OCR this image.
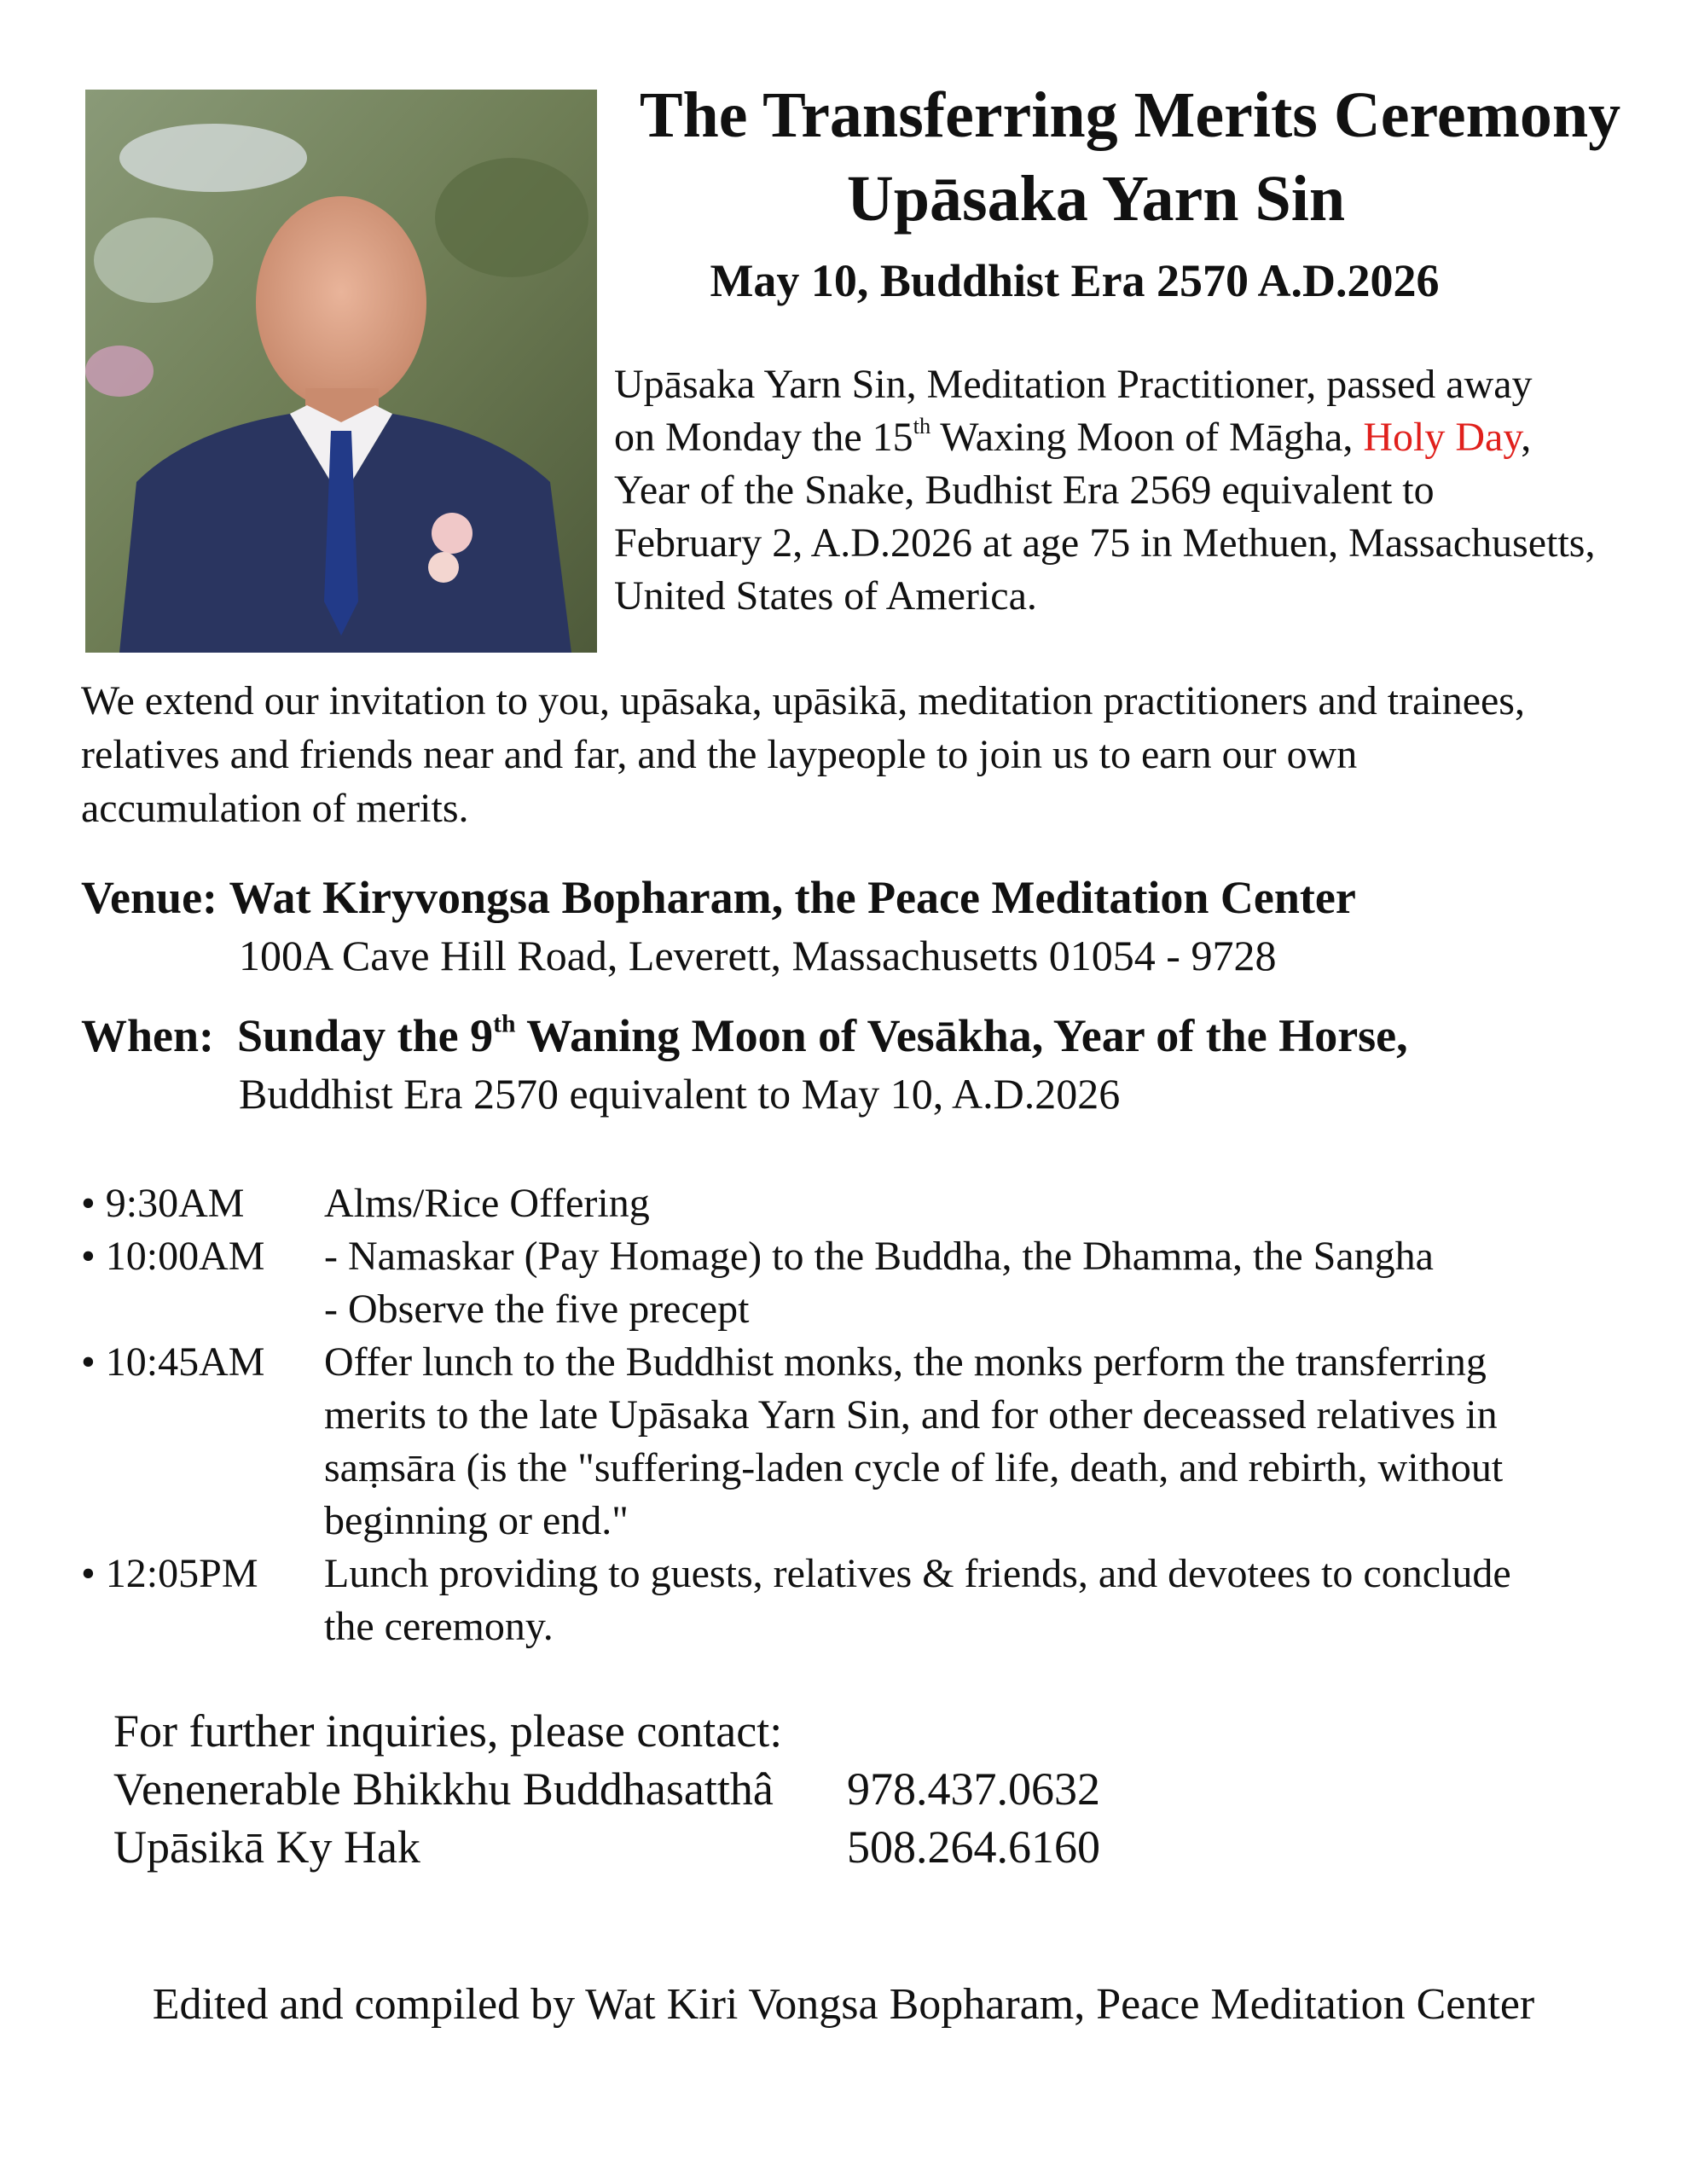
The Transferring Merits Ceremony
Upāsaka Yarn Sin
May 10, Buddhist Era 2570 A.D.2026
Upāsaka Yarn Sin, Meditation Practitioner, passed away
on Monday the 15th Waxing Moon of Māgha, Holy Day,
Year of the Snake, Budhist Era 2569 equivalent to
February 2, A.D.2026 at age 75 in Methuen, Massachusetts,
United States of America.
We extend our invitation to you, upāsaka, upāsikā, meditation practitioners and trainees,
relatives and friends near and far, and the laypeople to join us to earn our own
accumulation of merits.
Venue: Wat Kiryvongsa Bopharam, the Peace Meditation Center
100A Cave Hill Road, Leverett, Massachusetts 01054 - 9728
When: Sunday the 9th Waning Moon of Vesākha, Year of the Horse,
Buddhist Era 2570 equivalent to May 10, A.D.2026
• 9:30AM	Alms/Rice Offering
• 10:00AM	- Namaskar (Pay Homage) to the Buddha, the Dhamma, the Sangha
- Observe the five precept
• 10:45AM	Offer lunch to the Buddhist monks, the monks perform the transferring
merits to the late Upāsaka Yarn Sin, and for other deceassed relatives in
saṃsāra (is the "suffering-laden cycle of life, death, and rebirth, without
beginning or end."
• 12:05PM	Lunch providing to guests, relatives & friends, and devotees to conclude
the ceremony.
For further inquiries, please contact:
Venenerable Bhikkhu Buddhasatthâ	978.437.0632
Upāsikā Ky Hak	508.264.6160
Edited and compiled by Wat Kiri Vongsa Bopharam, Peace Meditation Center
